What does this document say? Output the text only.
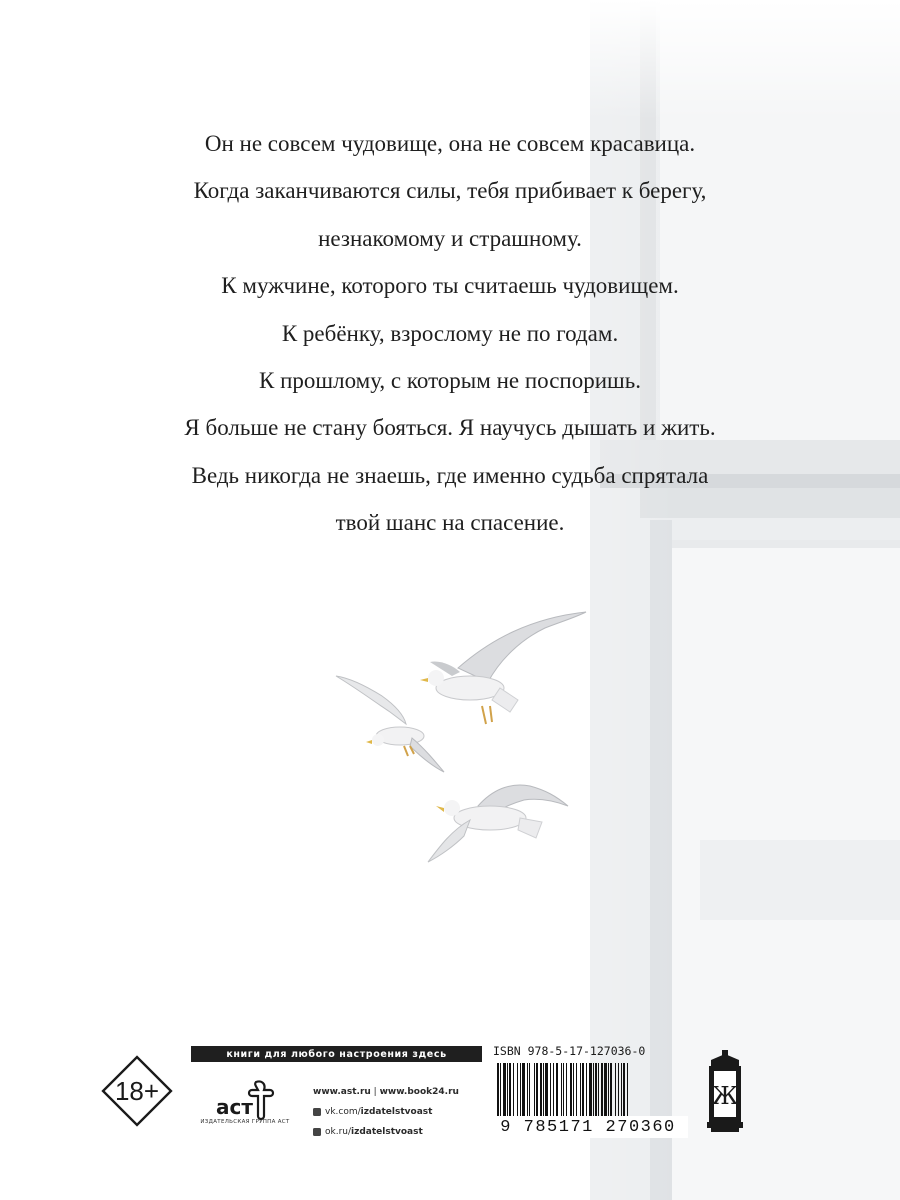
Он не совсем чудовище, она не совсем красавица.

Когда заканчиваются силы, тебя прибивает к берегу,

незнакомому и страшному.

К мужчине, которого ты считаешь чудовищем.

К ребёнку, взрослому не по годам.

К прошлому, с которым не поспоришь.

Я больше не стану бояться. Я научусь дышать и жить.

Ведь никогда не знаешь, где именно судьба спрятала

твой шанс на спасение.

18+
книги для любого настроения здесь
аст
ИЗДАТЕЛЬСКАЯ ГРУППА АСТ
www.ast.ru | www.book24.ru
vk.com/ izdatelstvoast
ok.ru/ izdatelstvoast
ISBN 978-5-17-127036-0
9 785171 270360
Ж
